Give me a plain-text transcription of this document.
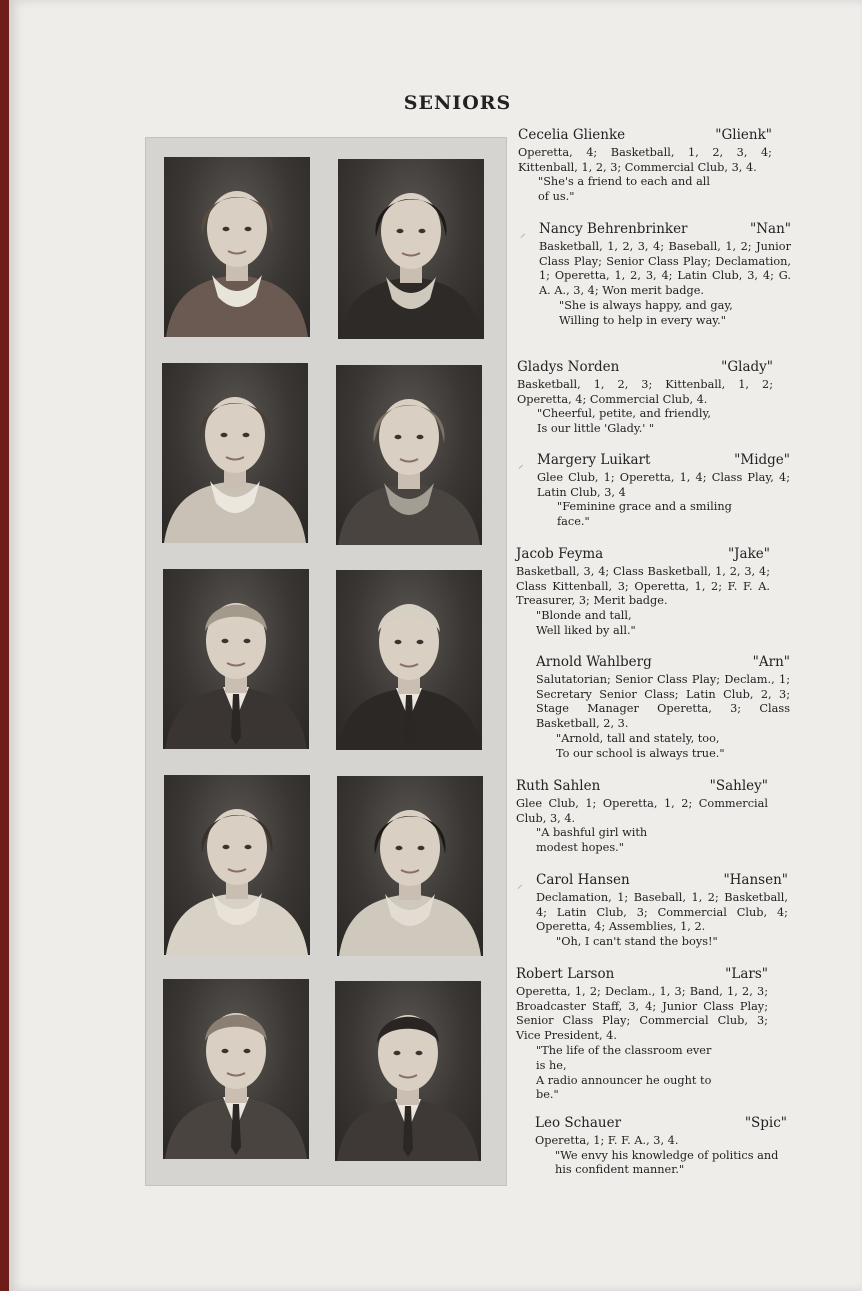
SENIORS
Cecelia Glienke	"Glienk"
Operetta, 4; Basketball, 1, 2, 3, 4; Kittenball, 1, 2, 3; Commercial Club, 3, 4.
"She's a friend to each and all
of us."
⸝ Nancy Behrenbrinker	"Nan"
Basketball, 1, 2, 3, 4; Baseball, 1, 2; Junior Class Play; Senior Class Play; Declamation, 1; Operetta, 1, 2, 3, 4; Latin Club, 3, 4; G. A. A., 3, 4; Won merit badge.
"She is always happy, and gay,
Willing to help in every way."
Gladys Norden	"Glady"
Basketball, 1, 2, 3; Kittenball, 1, 2; Operetta, 4; Commercial Club, 4.
"Cheerful, petite, and friendly,
Is our little 'Glady.' "
⸝ Margery Luikart	"Midge"
Glee Club, 1; Operetta, 1, 4; Class Play, 4; Latin Club, 3, 4
"Feminine grace and a smiling
face."
Jacob Feyma	"Jake"
Basketball, 3, 4; Class Basketball, 1, 2, 3, 4; Class Kittenball, 3; Operetta, 1, 2; F. F. A. Treasurer, 3; Merit badge.
"Blonde and tall,
Well liked by all."
Arnold Wahlberg	"Arn"
Salutatorian; Senior Class Play; Declam., 1; Secretary Senior Class; Latin Club, 2, 3; Stage Manager Operetta, 3; Class Basketball, 2, 3.
"Arnold, tall and stately, too,
To our school is always true."
Ruth Sahlen	"Sahley"
Glee Club, 1; Operetta, 1, 2; Commercial Club, 3, 4.
"A bashful girl with
modest hopes."
⸝ Carol Hansen	"Hansen"
Declamation, 1; Baseball, 1, 2; Basketball, 4; Latin Club, 3; Commercial Club, 4; Operetta, 4; Assemblies, 1, 2.
"Oh, I can't stand the boys!"
Robert Larson	"Lars"
Operetta, 1, 2; Declam., 1, 3; Band, 1, 2, 3; Broadcaster Staff, 3, 4; Junior Class Play; Senior Class Play; Commercial Club, 3; Vice President, 4.
"The life of the classroom ever
is he,
A radio announcer he ought to
be."
Leo Schauer	"Spic"
Operetta, 1; F. F. A., 3, 4.
"We envy his knowledge of politics and his confident manner."
